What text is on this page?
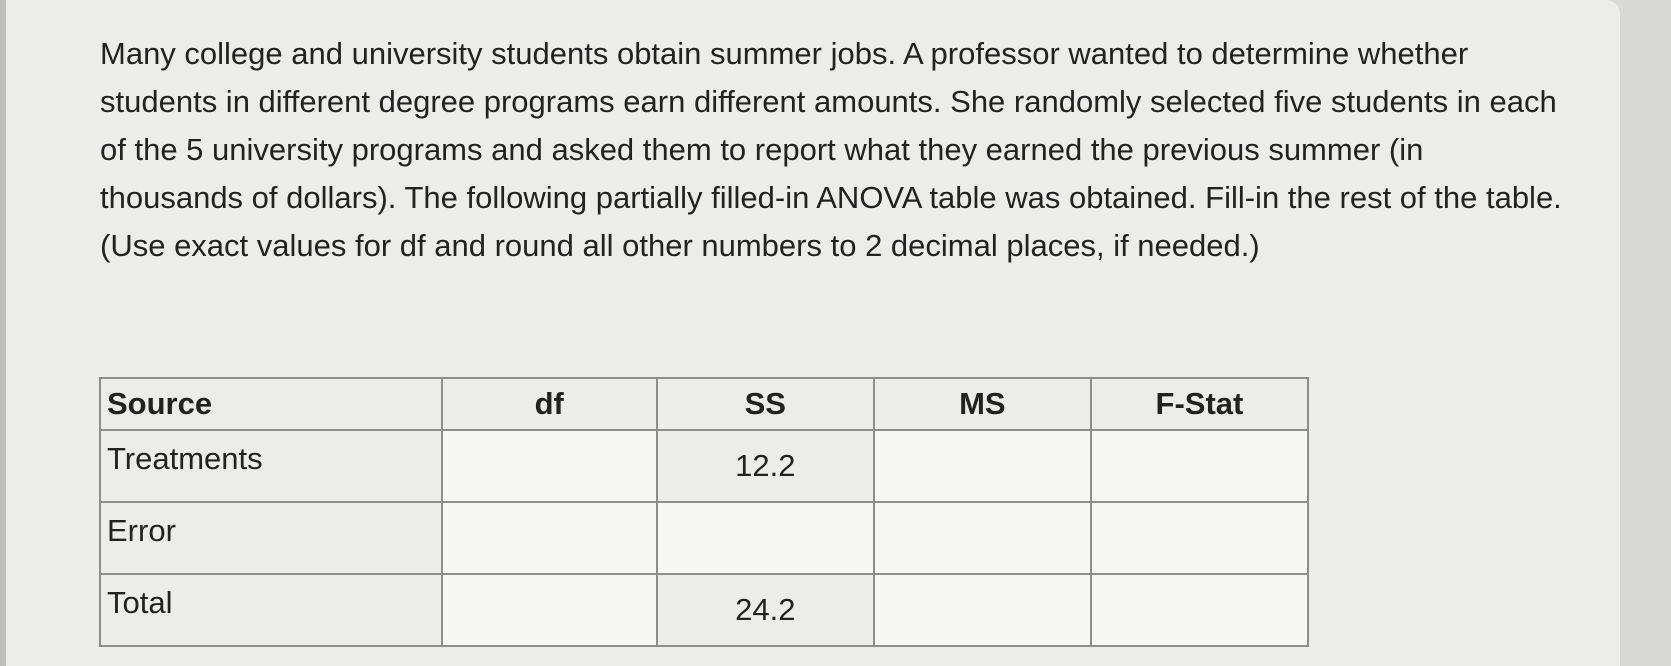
Many college and university students obtain summer jobs. A professor wanted to determine whether students in different degree programs earn different amounts. She randomly selected five students in each of the 5 university programs and asked them to report what they earned the previous summer (in thousands of dollars). The following partially filled-in ANOVA table was obtained. Fill-in the rest of the table. (Use exact values for df and round all other numbers to 2 decimal places, if needed.)

Source	df	SS	MS	F-Stat
Treatments		12.2		
Error				
Total		24.2		
